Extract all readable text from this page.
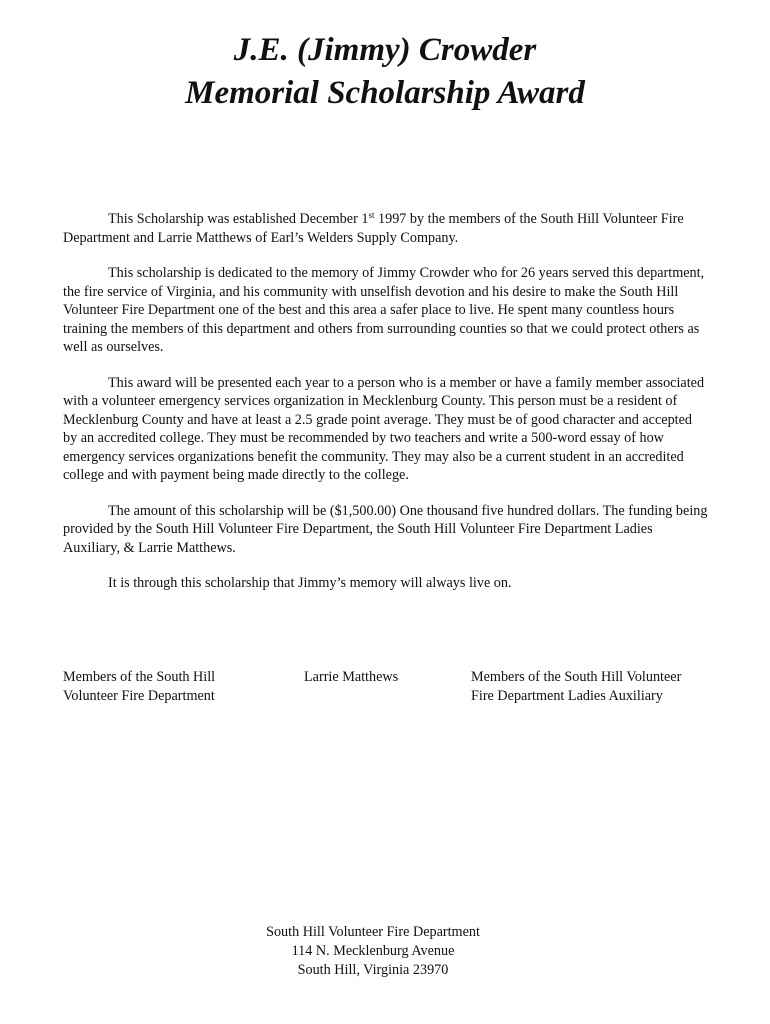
J.E. (Jimmy) Crowder
Memorial Scholarship Award

This Scholarship was established December 1st 1997 by the members of the South Hill Volunteer Fire Department and Larrie Matthews of Earl’s Welders Supply Company.

This scholarship is dedicated to the memory of Jimmy Crowder who for 26 years served this department, the fire service of Virginia, and his community with unselfish devotion and his desire to make the South Hill Volunteer Fire Department one of the best and this area a safer place to live. He spent many countless hours training the members of this department and others from surrounding counties so that we could protect others as well as ourselves.

This award will be presented each year to a person who is a member or have a family member associated with a volunteer emergency services organization in Mecklenburg County. This person must be a resident of Mecklenburg County and have at least a 2.5 grade point average. They must be of good character and accepted by an accredited college. They must be recommended by two teachers and write a 500-word essay of how emergency services organizations benefit the community. They may also be a current student in an accredited college and with payment being made directly to the college.

The amount of this scholarship will be ($1,500.00) One thousand five hundred dollars. The funding being provided by the South Hill Volunteer Fire Department, the South Hill Volunteer Fire Department Ladies Auxiliary, & Larrie Matthews.

It is through this scholarship that Jimmy’s memory will always live on.

Members of the South Hill
Volunteer Fire Department
Larrie Matthews	Members of the South Hill Volunteer
Fire Department Ladies Auxiliary
South Hill Volunteer Fire Department
114 N. Mecklenburg Avenue
South Hill, Virginia 23970
